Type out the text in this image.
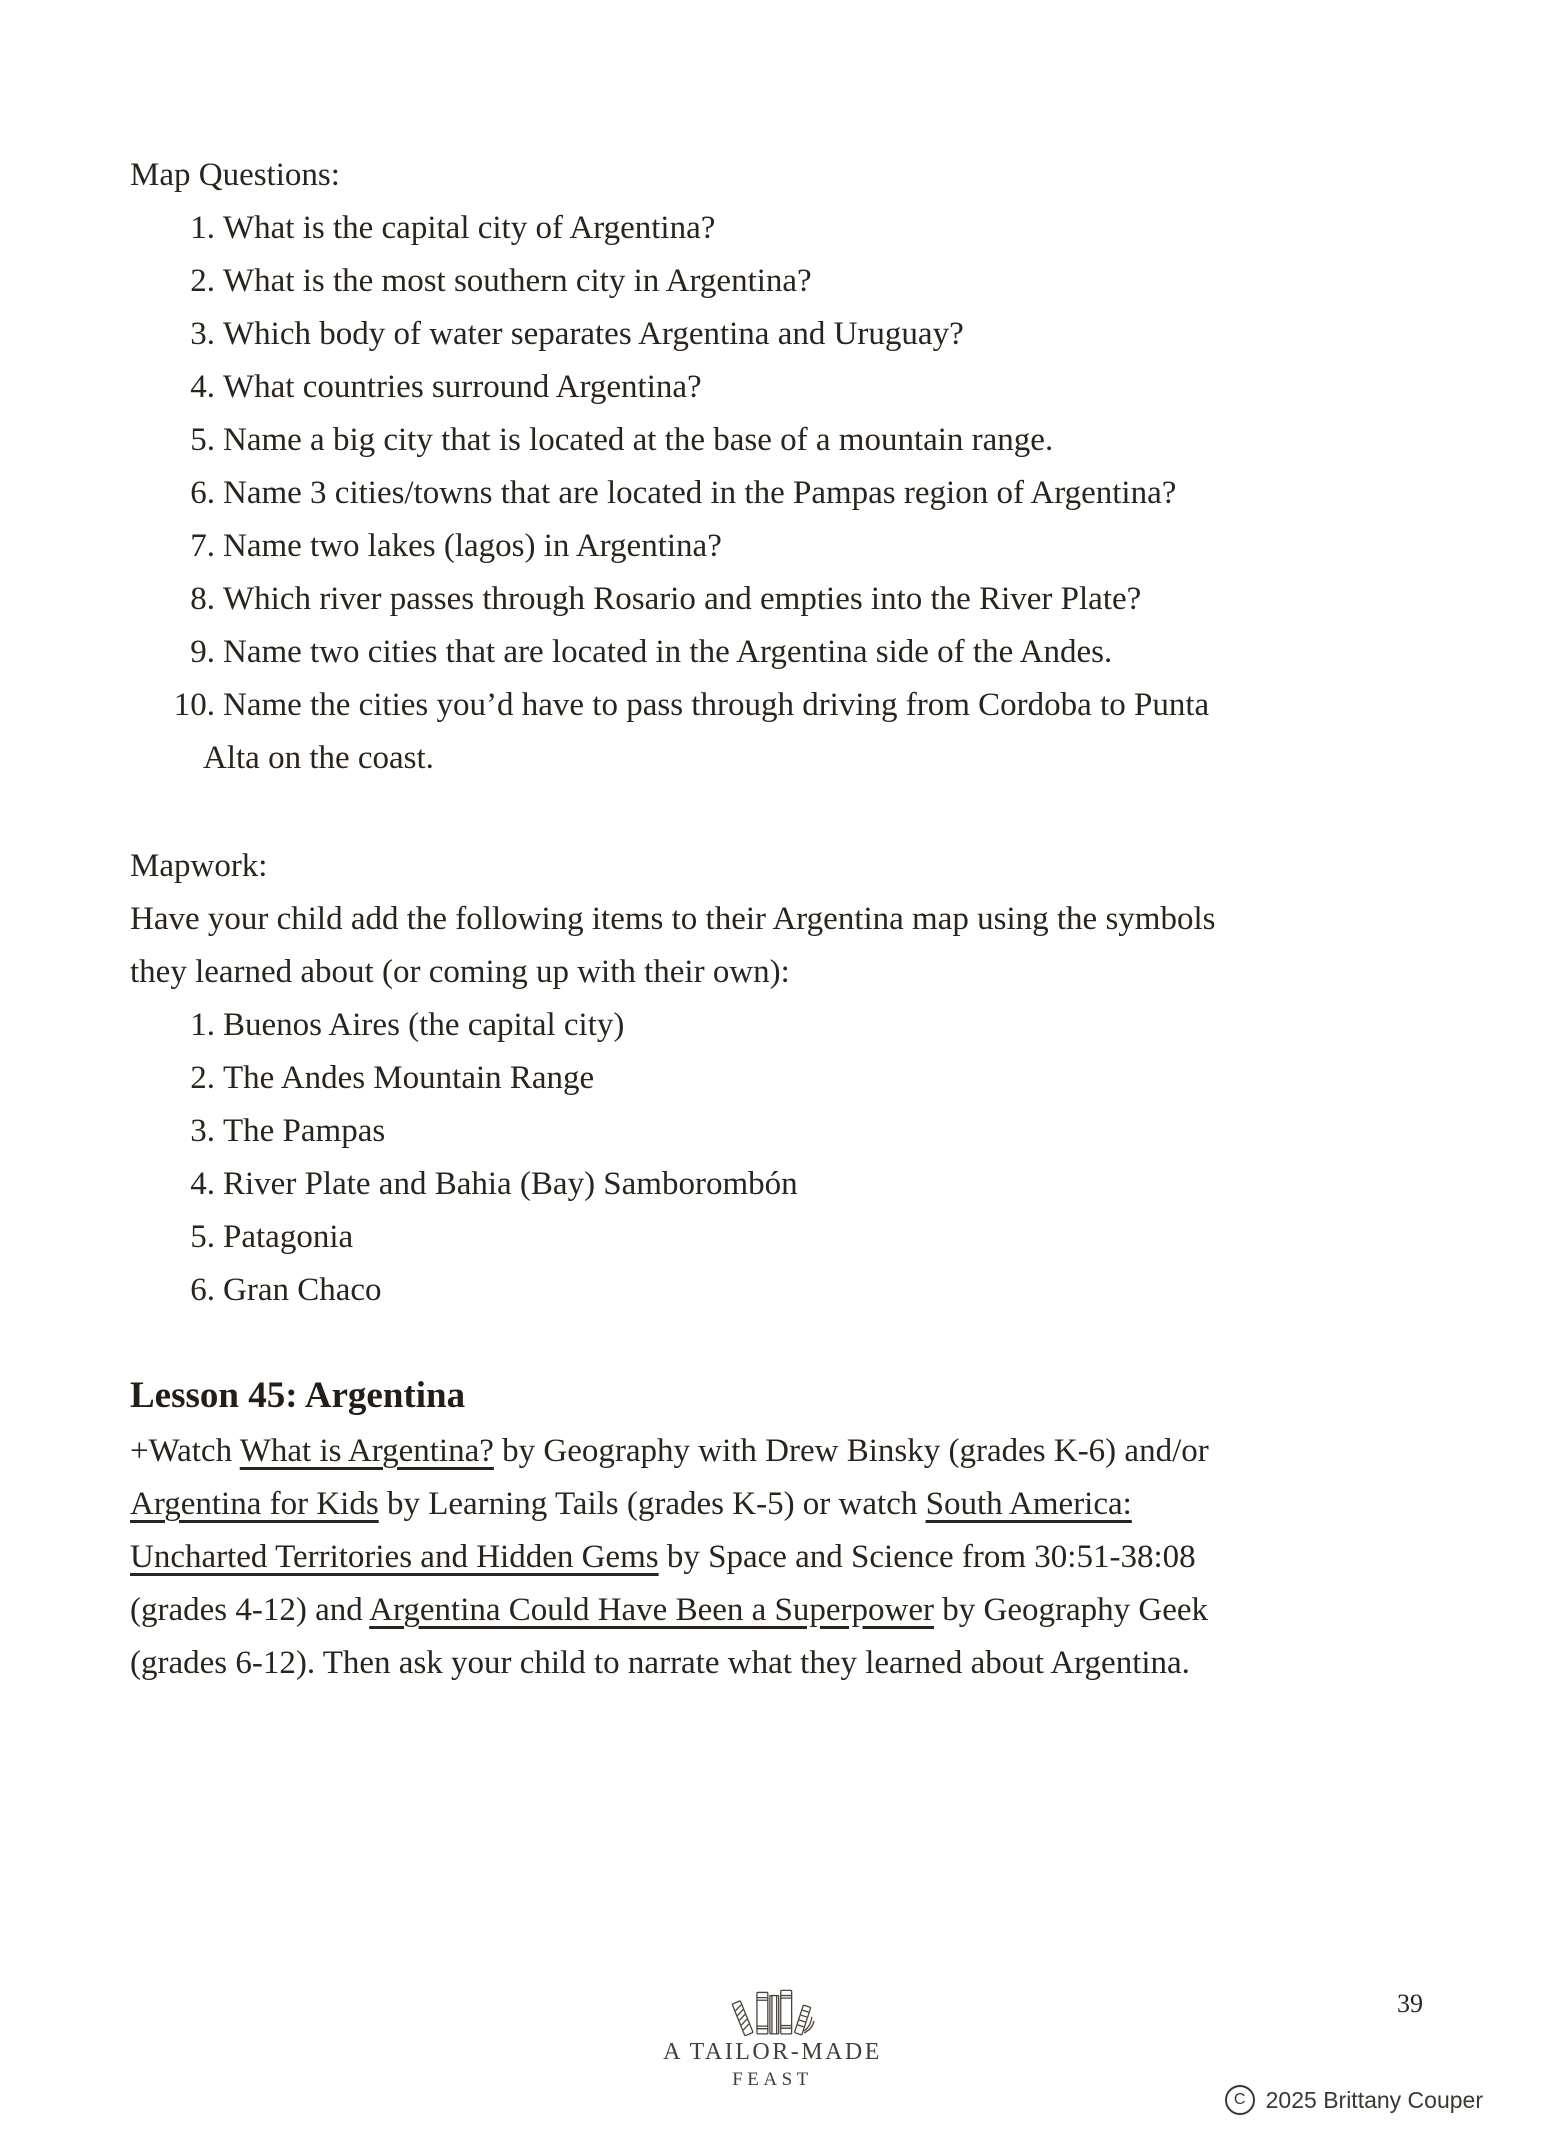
Map Questions:
1. What is the capital city of Argentina?
2. What is the most southern city in Argentina?
3. Which body of water separates Argentina and Uruguay?
4. What countries surround Argentina?
5. Name a big city that is located at the base of a mountain range.
6. Name 3 cities/towns that are located in the Pampas region of Argentina?
7. Name two lakes (lagos) in Argentina?
8. Which river passes through Rosario and empties into the River Plate?
9. Name two cities that are located in the Argentina side of the Andes.
10. Name the cities you’d have to pass through driving from Cordoba to Punta
Alta on the coast.
Mapwork:
Have your child add the following items to their Argentina map using the symbols
they learned about (or coming up with their own):
1. Buenos Aires (the capital city)
2. The Andes Mountain Range
3. The Pampas
4. River Plate and Bahia (Bay) Samborombón
5. Patagonia
6. Gran Chaco
Lesson 45: Argentina
+Watch What is Argentina? by Geography with Drew Binsky (grades K-6) and/or
Argentina for Kids by Learning Tails (grades K-5) or watch South America:
Uncharted Territories and Hidden Gems by Space and Science from 30:51-38:08
(grades 4-12) and Argentina Could Have Been a Superpower by Geography Geek
(grades 6-12). Then ask your child to narrate what they learned about Argentina.
A TAILOR-MADE
FEAST
39
C 2025 Brittany Couper
